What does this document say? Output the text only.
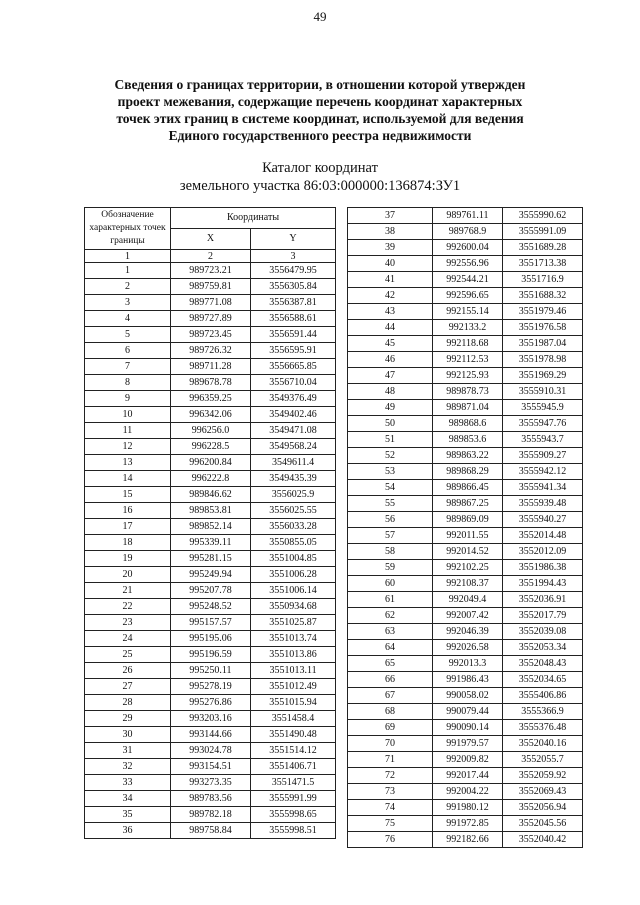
49
Сведения о границах территории, в отношении которой утвержден
проект межевания, содержащие перечень координат характерных
точек этих границ в системе координат, используемой для ведения
Единого государственного реестра недвижимости
Каталог координат
земельного участка 86:03:000000:136874:ЗУ1
Обозначение характерных точек границы	Координаты	
	X	Y
1	2	3
1	989723.21	3556479.95
2	989759.81	3556305.84
3	989771.08	3556387.81
4	989727.89	3556588.61
5	989723.45	3556591.44
6	989726.32	3556595.91
7	989711.28	3556665.85
8	989678.78	3556710.04
9	996359.25	3549376.49
10	996342.06	3549402.46
11	996256.0	3549471.08
12	996228.5	3549568.24
13	996200.84	3549611.4
14	996222.8	3549435.39
15	989846.62	3556025.9
16	989853.81	3556025.55
17	989852.14	3556033.28
18	995339.11	3550855.05
19	995281.15	3551004.85
20	995249.94	3551006.28
21	995207.78	3551006.14
22	995248.52	3550934.68
23	995157.57	3551025.87
24	995195.06	3551013.74
25	995196.59	3551013.86
26	995250.11	3551013.11
27	995278.19	3551012.49
28	995276.86	3551015.94
29	993203.16	3551458.4
30	993144.66	3551490.48
31	993024.78	3551514.12
32	993154.51	3551406.71
33	993273.35	3551471.5
34	989783.56	3555991.99
35	989782.18	3555998.65
36	989758.84	3555998.51
37	989761.11	3555990.62
38	989768.9	3555991.09
39	992600.04	3551689.28
40	992556.96	3551713.38
41	992544.21	3551716.9
42	992596.65	3551688.32
43	992155.14	3551979.46
44	992133.2	3551976.58
45	992118.68	3551987.04
46	992112.53	3551978.98
47	992125.93	3551969.29
48	989878.73	3555910.31
49	989871.04	3555945.9
50	989868.6	3555947.76
51	989853.6	3555943.7
52	989863.22	3555909.27
53	989868.29	3555942.12
54	989866.45	3555941.34
55	989867.25	3555939.48
56	989869.09	3555940.27
57	992011.55	3552014.48
58	992014.52	3552012.09
59	992102.25	3551986.38
60	992108.37	3551994.43
61	992049.4	3552036.91
62	992007.42	3552017.79
63	992046.39	3552039.08
64	992026.58	3552053.34
65	992013.3	3552048.43
66	991986.43	3552034.65
67	990058.02	3555406.86
68	990079.44	3555366.9
69	990090.14	3555376.48
70	991979.57	3552040.16
71	992009.82	3552055.7
72	992017.44	3552059.92
73	992004.22	3552069.43
74	991980.12	3552056.94
75	991972.85	3552045.56
76	992182.66	3552040.42
